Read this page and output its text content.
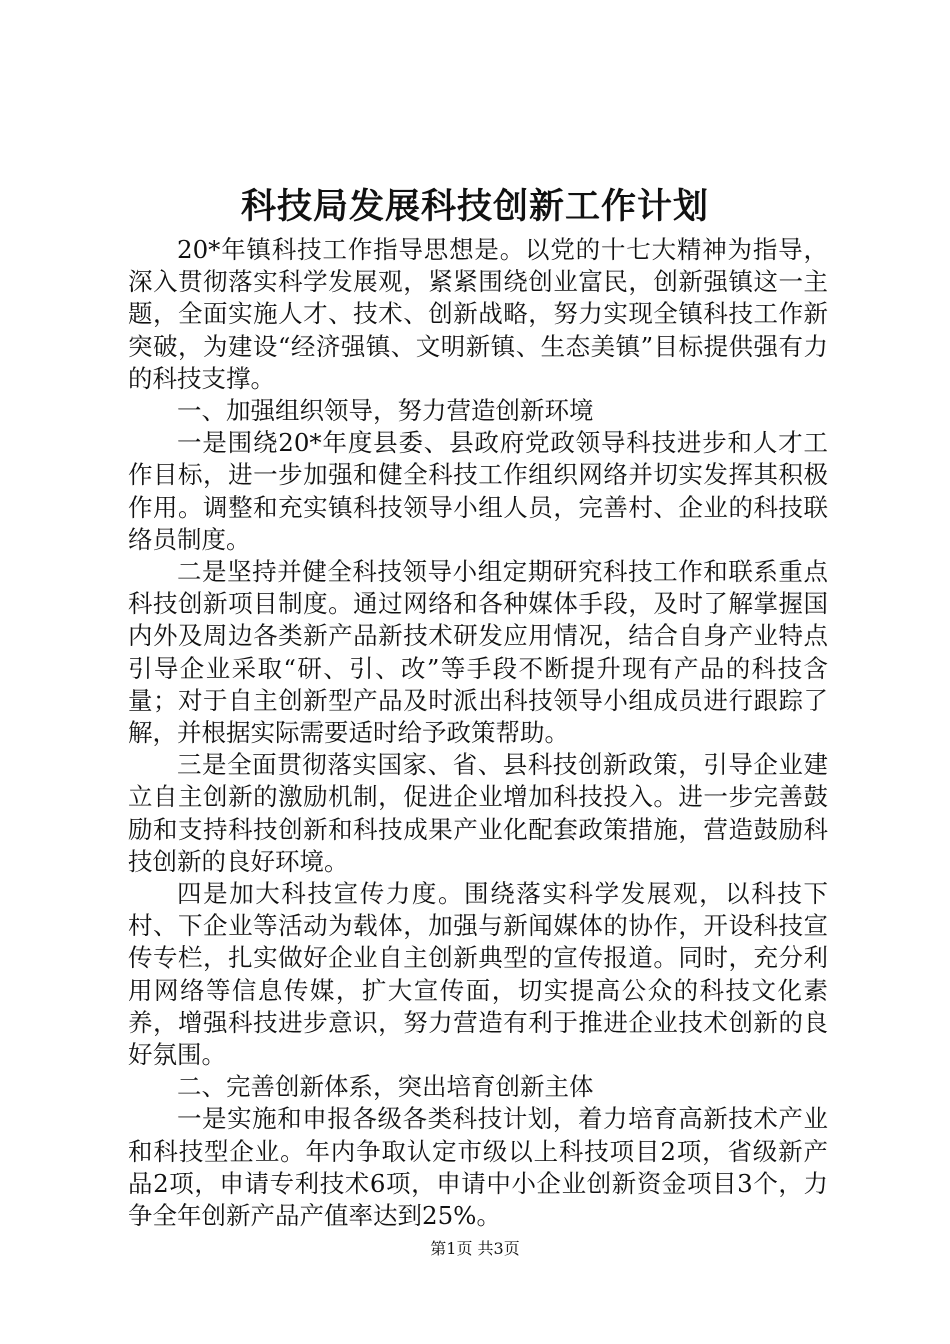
科技局发展科技创新工作计划

20*年镇科技工作指导思想是。以党的十七大精神为指导，深入贯彻落实科学发展观，紧紧围绕创业富民，创新强镇这一主题，全面实施人才、技术、创新战略，努力实现全镇科技工作新突破，为建设“经济强镇、文明新镇、生态美镇”目标提供强有力的科技支撑。

一、加强组织领导，努力营造创新环境

一是围绕20*年度县委、县政府党政领导科技进步和人才工作目标，进一步加强和健全科技工作组织网络并切实发挥其积极作用。调整和充实镇科技领导小组人员，完善村、企业的科技联络员制度。

二是坚持并健全科技领导小组定期研究科技工作和联系重点科技创新项目制度。通过网络和各种媒体手段，及时了解掌握国内外及周边各类新产品新技术研发应用情况，结合自身产业特点引导企业采取“研、引、改”等手段不断提升现有产品的科技含量；对于自主创新型产品及时派出科技领导小组成员进行跟踪了解，并根据实际需要适时给予政策帮助。

三是全面贯彻落实国家、省、县科技创新政策，引导企业建立自主创新的激励机制，促进企业增加科技投入。进一步完善鼓励和支持科技创新和科技成果产业化配套政策措施，营造鼓励科技创新的良好环境。

四是加大科技宣传力度。围绕落实科学发展观，以科技下村、下企业等活动为载体，加强与新闻媒体的协作，开设科技宣传专栏，扎实做好企业自主创新典型的宣传报道。同时，充分利用网络等信息传媒，扩大宣传面，切实提高公众的科技文化素养，增强科技进步意识，努力营造有利于推进企业技术创新的良好氛围。

二、完善创新体系，突出培育创新主体

一是实施和申报各级各类科技计划，着力培育高新技术产业和科技型企业。年内争取认定市级以上科技项目2项，省级新产品2项，申请专利技术6项，申请中小企业创新资金项目3个，力争全年创新产品产值率达到25%。

第1页 共3页
